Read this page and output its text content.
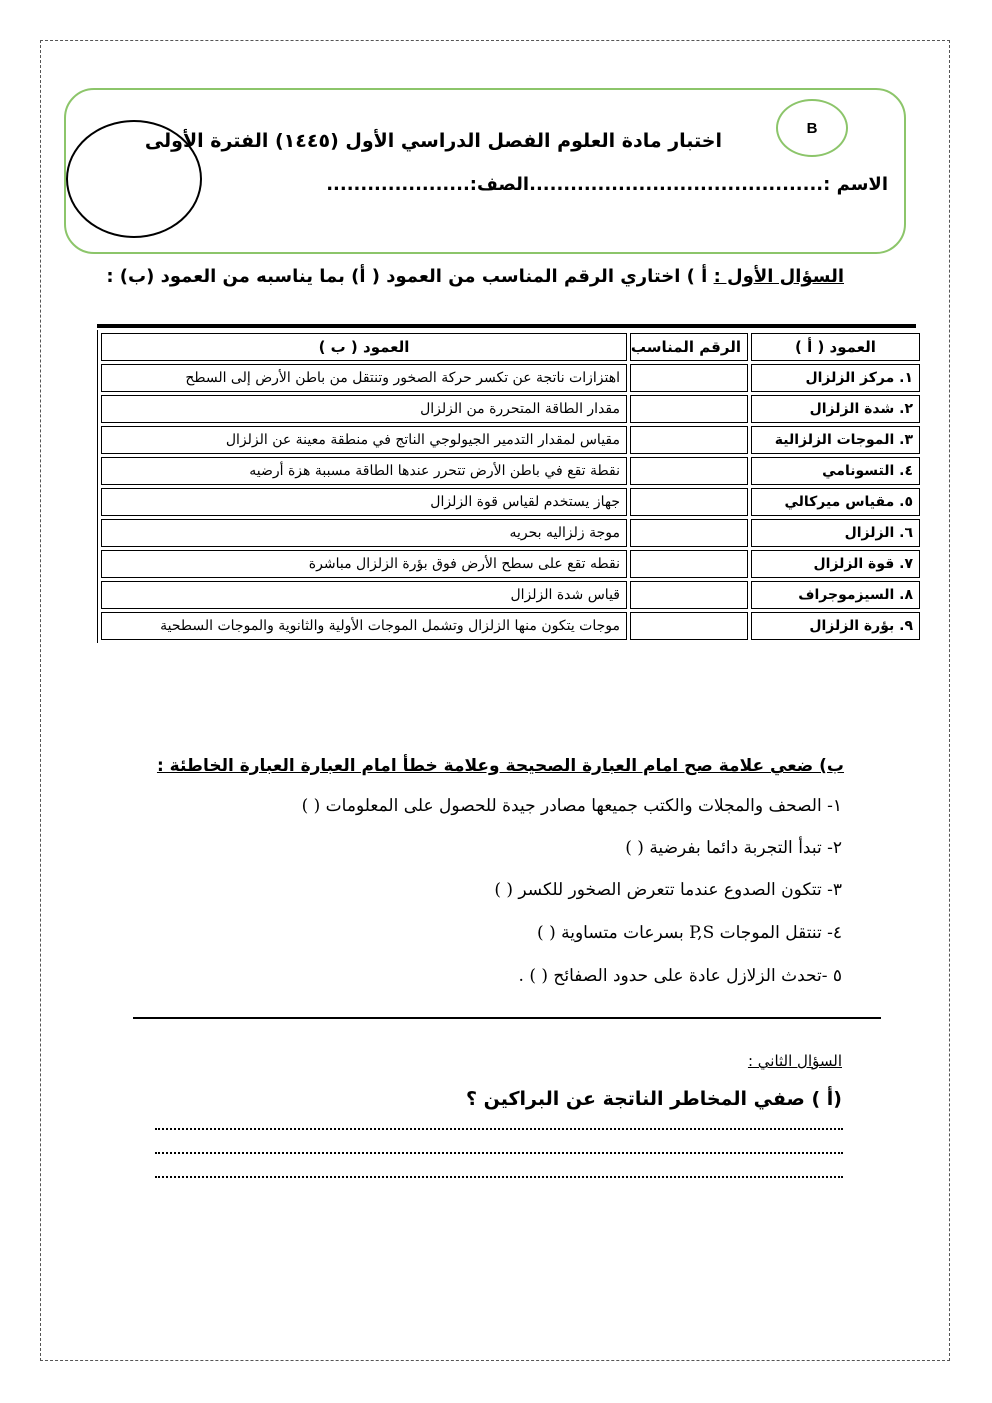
B
اختبار مادة العلوم الفصل الدراسي الأول (١٤٤٥) الفترة الأولى
الاسم :...........................................الصف:.....................
السؤال الأول : أ ) اختاري الرقم المناسب من العمود ( أ) بما يناسبه من العمود (ب) :
العمود ( أ )	الرقم المناسب	العمود ( ب )
١. مركز الزلزال		اهتزازات ناتجة عن تكسر حركة الصخور وتنتقل من باطن الأرض إلى السطح
٢. شدة الزلزال		مقدار الطاقة المتحررة من الزلزال
٣. الموجات الزلزالية		مقياس لمقدار التدمير الجيولوجي الناتج في منطقة معينة عن الزلزال
٤. التسونامي		نقطة تقع في باطن الأرض تتحرر عندها الطاقة مسببة هزة أرضيه
٥. مقياس ميركالي		جهاز يستخدم لقياس قوة الزلزال
٦. الزلزال		موجة زلزاليه بحريه
٧. قوة الزلزال		نقطه تقع على سطح الأرض فوق بؤرة الزلزال مباشرة
٨. السيزموجراف		قياس شدة الزلزال
٩. بؤرة الزلزال		موجات يتكون منها الزلزال وتشمل الموجات الأولية والثانوية والموجات السطحية
ب) ضعي علامة صح امام العبارة الصحيحة وعلامة خطأ امام العبارة العبارة الخاطئة :
١- الصحف والمجلات والكتب جميعها مصادر جيدة للحصول على المعلومات ( )
٢- تبدأ التجربة دائما بفرضية ( )
٣- تتكون الصدوع عندما تتعرض الصخور للكسر ( )
٤- تنتقل الموجات P,S بسرعات متساوية ( )
٥ -تحدث الزلازل عادة على حدود الصفائح ( ) .
السؤال الثاني :
(أ ) صفي المخاطر الناتجة عن البراكين ؟
